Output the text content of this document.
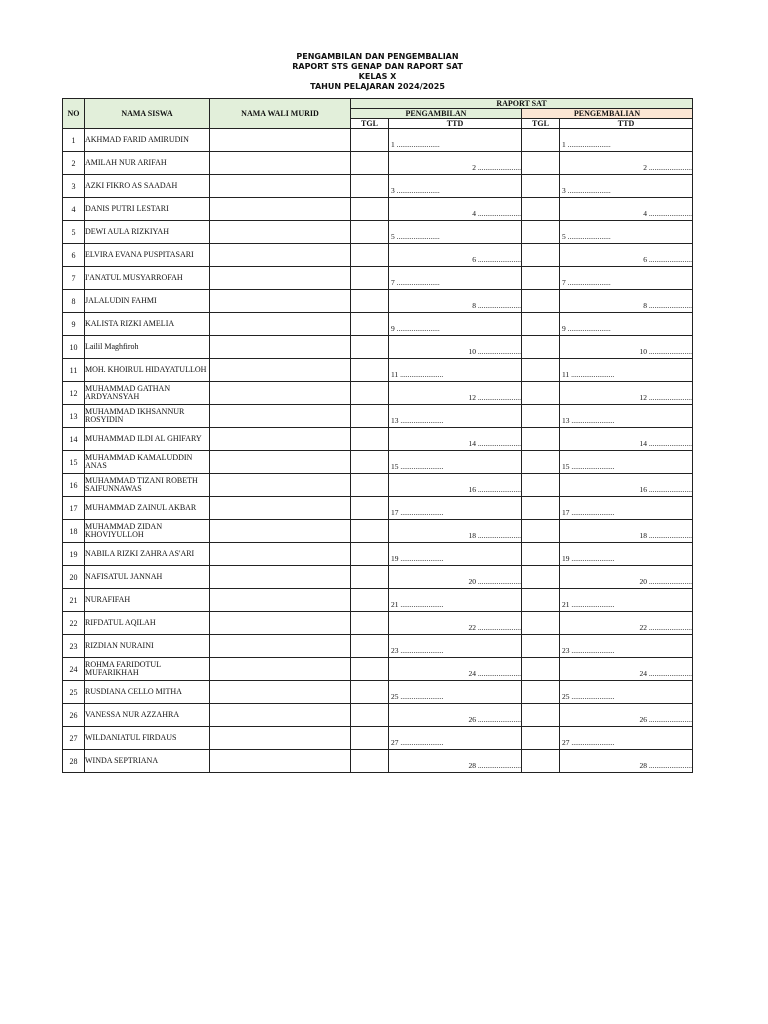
PENGAMBILAN DAN PENGEMBALIAN
RAPORT STS GENAP DAN RAPORT SAT
KELAS X
TAHUN PELAJARAN 2024/2025
NO	NAMA SISWA	NAMA WALI MURID	RAPORT SAT			
			PENGAMBILAN		PENGEMBALIAN	
			TGL	TTD	TGL	TTD
1	AKHMAD FARID AMIRUDIN			1 .......................		1 .......................

2	AMILAH NUR ARIFAH			2 .......................		2 .......................

3	AZKI FIKRO AS SAADAH			3 .......................		3 .......................

4	DANIS PUTRI LESTARI			4 .......................		4 .......................

5	DEWI AULA RIZKIYAH			5 .......................		5 .......................

6	ELVIRA EVANA PUSPITASARI			6 .......................		6 .......................

7	I'ANATUL MUSYARROFAH			7 .......................		7 .......................

8	JALALUDIN FAHMI			8 .......................		8 .......................

9	KALISTA RIZKI AMELIA			9 .......................		9 .......................

10	Lailil Maghfiroh			10 .......................		10 .......................

11	MOH. KHOIRUL HIDAYATULLOH			11 .......................		11 .......................

12	MUHAMMAD GATHAN ARDYANSYAH			12 .......................		12 .......................

13	MUHAMMAD IKHSANNUR ROSYIDIN			13 .......................		13 .......................

14	MUHAMMAD ILDI AL GHIFARY			14 .......................		14 .......................

15	MUHAMMAD KAMALUDDIN ANAS			15 .......................		15 .......................

16	MUHAMMAD TIZANI ROBETH SAIFUNNAWAS			16 .......................		16 .......................

17	MUHAMMAD ZAINUL AKBAR			17 .......................		17 .......................

18	MUHAMMAD ZIDAN KHOVIYULLOH			18 .......................		18 .......................

19	NABILA RIZKI ZAHRA AS'ARI			19 .......................		19 .......................

20	NAFISATUL JANNAH			20 .......................		20 .......................

21	NURAFIFAH			21 .......................		21 .......................

22	RIFDATUL AQILAH			22 .......................		22 .......................

23	RIZDIAN NURAINI			23 .......................		23 .......................

24	ROHMA FARIDOTUL MUFARIKHAH			24 .......................		24 .......................

25	RUSDIANA CELLO MITHA			25 .......................		25 .......................

26	VANESSA NUR AZZAHRA			26 .......................		26 .......................

27	WILDANIATUL FIRDAUS			27 .......................		27 .......................

28	WINDA SEPTRIANA			28 .......................		28 .......................
